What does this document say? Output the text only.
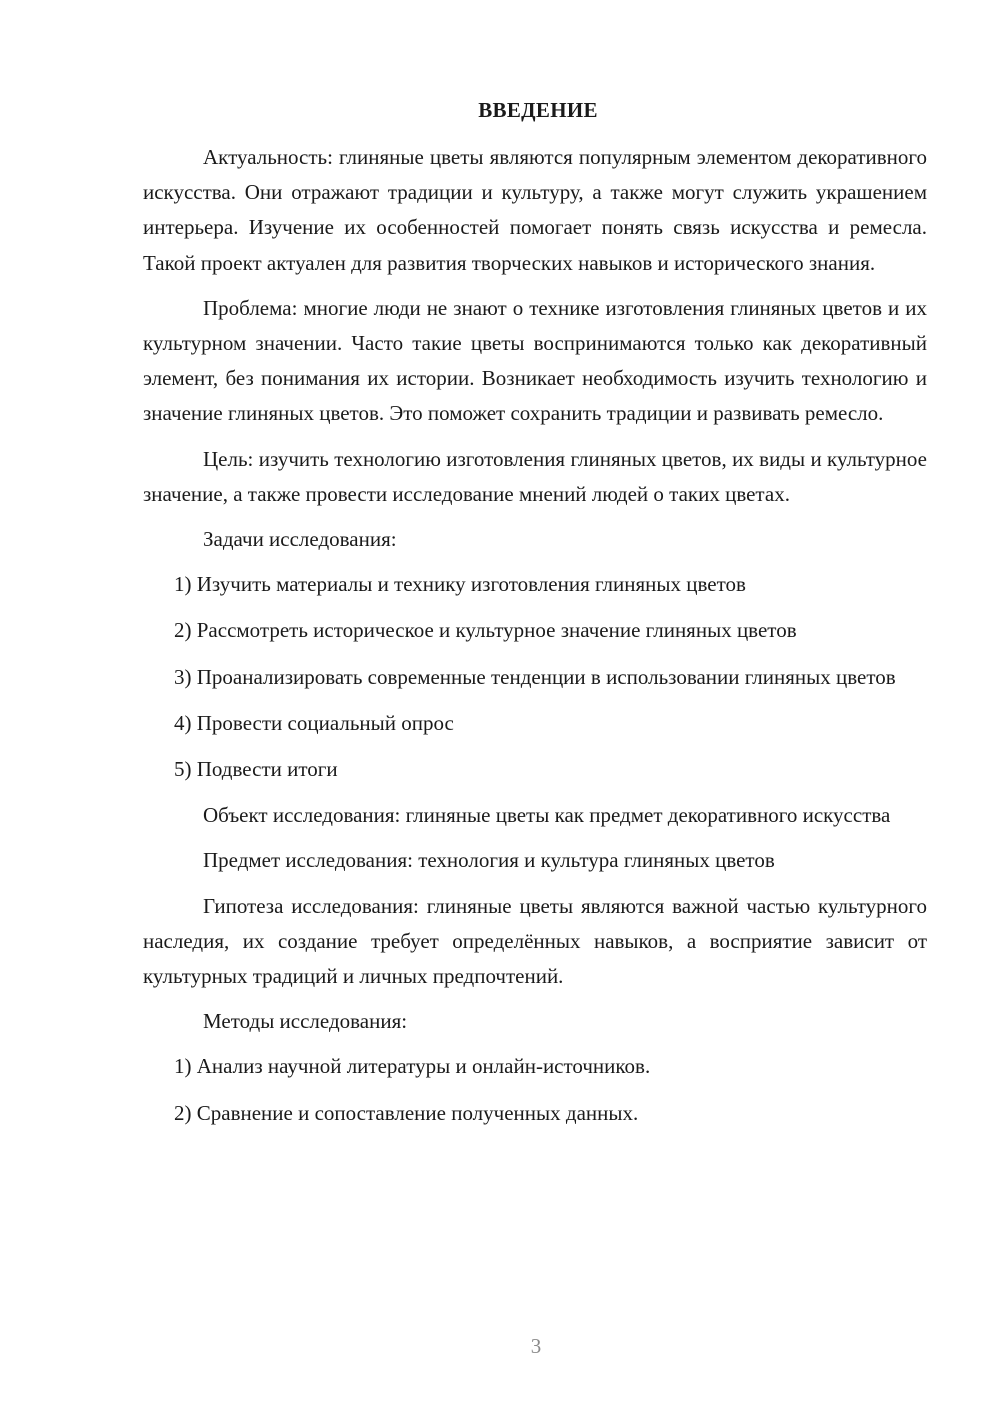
ВВЕДЕНИЕ
Актуальность: глиняные цветы являются популярным элементом декоративного искусства. Они отражают традиции и культуру, а также могут служить украшением интерьера. Изучение их особенностей помогает понять связь искусства и ремесла. Такой проект актуален для развития творческих навыков и исторического знания.
Проблема: многие люди не знают о технике изготовления глиняных цветов и их культурном значении. Часто такие цветы воспринимаются только как декоративный элемент, без понимания их истории. Возникает необходимость изучить технологию и значение глиняных цветов. Это поможет сохранить традиции и развивать ремесло.
Цель: изучить технологию изготовления глиняных цветов, их виды и культурное значение, а также провести исследование мнений людей о таких цветах.
Задачи исследования:
1) Изучить материалы и технику изготовления глиняных цветов
2) Рассмотреть историческое и культурное значение глиняных цветов
3) Проанализировать современные тенденции в использовании глиняных цветов
4) Провести социальный опрос
5) Подвести итоги
Объект исследования: глиняные цветы как предмет декоративного искусства
Предмет исследования: технология и культура глиняных цветов
Гипотеза исследования: глиняные цветы являются важной частью культурного наследия, их создание требует определённых навыков, а восприятие зависит от культурных традиций и личных предпочтений.
Методы исследования:
1) Анализ научной литературы и онлайн-источников.
2) Сравнение и сопоставление полученных данных.
3
